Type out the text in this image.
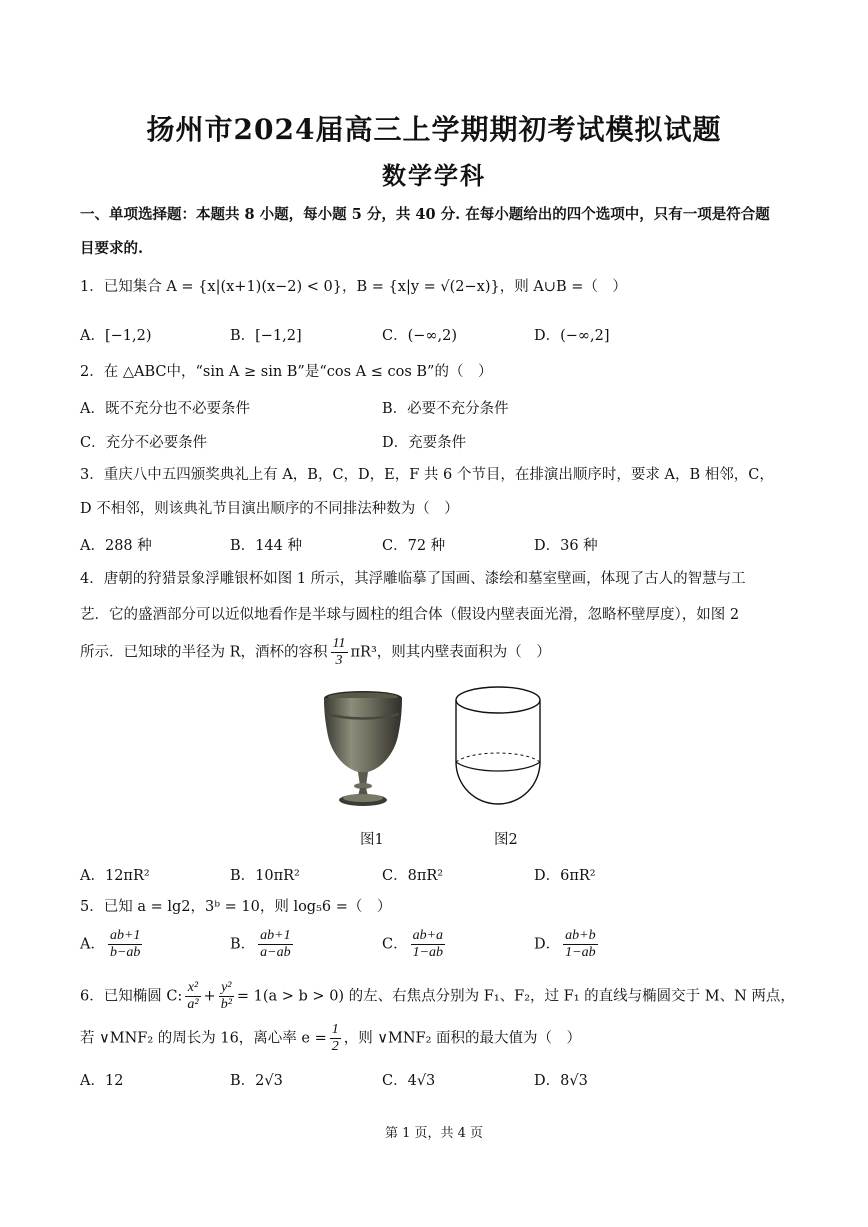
扬州市2024届高三上学期期初考试模拟试题
数学学科
一、单项选择题：本题共 8 小题，每小题 5 分，共 40 分. 在每小题给出的四个选项中，只有一项是符合题
目要求的.
1．已知集合 A = {x|(x+1)(x−2) < 0}，B = {x|y = √(2−x)}，则 A∪B =（　）
A．[−1,2)	B．[−1,2]	C．(−∞,2)	D．(−∞,2]
2．在 △ABC中，“sin A ≥ sin B”是“cos A ≤ cos B”的（　）
A．既不充分也不必要条件	B．必要不充分条件
C．充分不必要条件	D．充要条件
3．重庆八中五四颁奖典礼上有 A，B，C，D，E，F 共 6 个节目，在排演出顺序时，要求 A，B 相邻，C，
D 不相邻，则该典礼节目演出顺序的不同排法种数为（　）
A．288 种	B．144 种	C．72 种	D．36 种
4．唐朝的狩猎景象浮雕银杯如图 1 所示，其浮雕临摹了国画、漆绘和墓室壁画，体现了古人的智慧与工
艺．它的盛酒部分可以近似地看作是半球与圆柱的组合体（假设内壁表面光滑，忽略杯壁厚度），如图 2
所示．已知球的半径为 R，酒杯的容积 $\frac{11}{3} \pi R^3$，则其内壁表面积为（　）
图1	图2
A．12πR²	B．10πR²	C．8πR²	D．6πR²
5．已知 a = lg2，3ᵇ = 10，则 log₅6 =（　）
A． $\frac{ab+1}{b-ab}$	B． $\frac{ab+1}{a-ab}$	C． $\frac{ab+a}{1-ab}$	D． $\frac{ab+b}{1-ab}$
6．已知椭圆 C: $\frac{\text{x²}}{\text{a²}} + \frac{\text{y²}}{\text{b²}} = 1(a > b > 0)$ 的左、右焦点分别为 F₁、F₂，过 F₁ 的直线与椭圆交于 M、N 两点，
若 ∨MNF₂ 的周长为 16，离心率 $e = \frac{1}{2}$ ，则 ∨MNF₂ 面积的最大值为（　）
A．12	B．2√3	C．4√3	D．8√3
第 1 页，共 4 页
